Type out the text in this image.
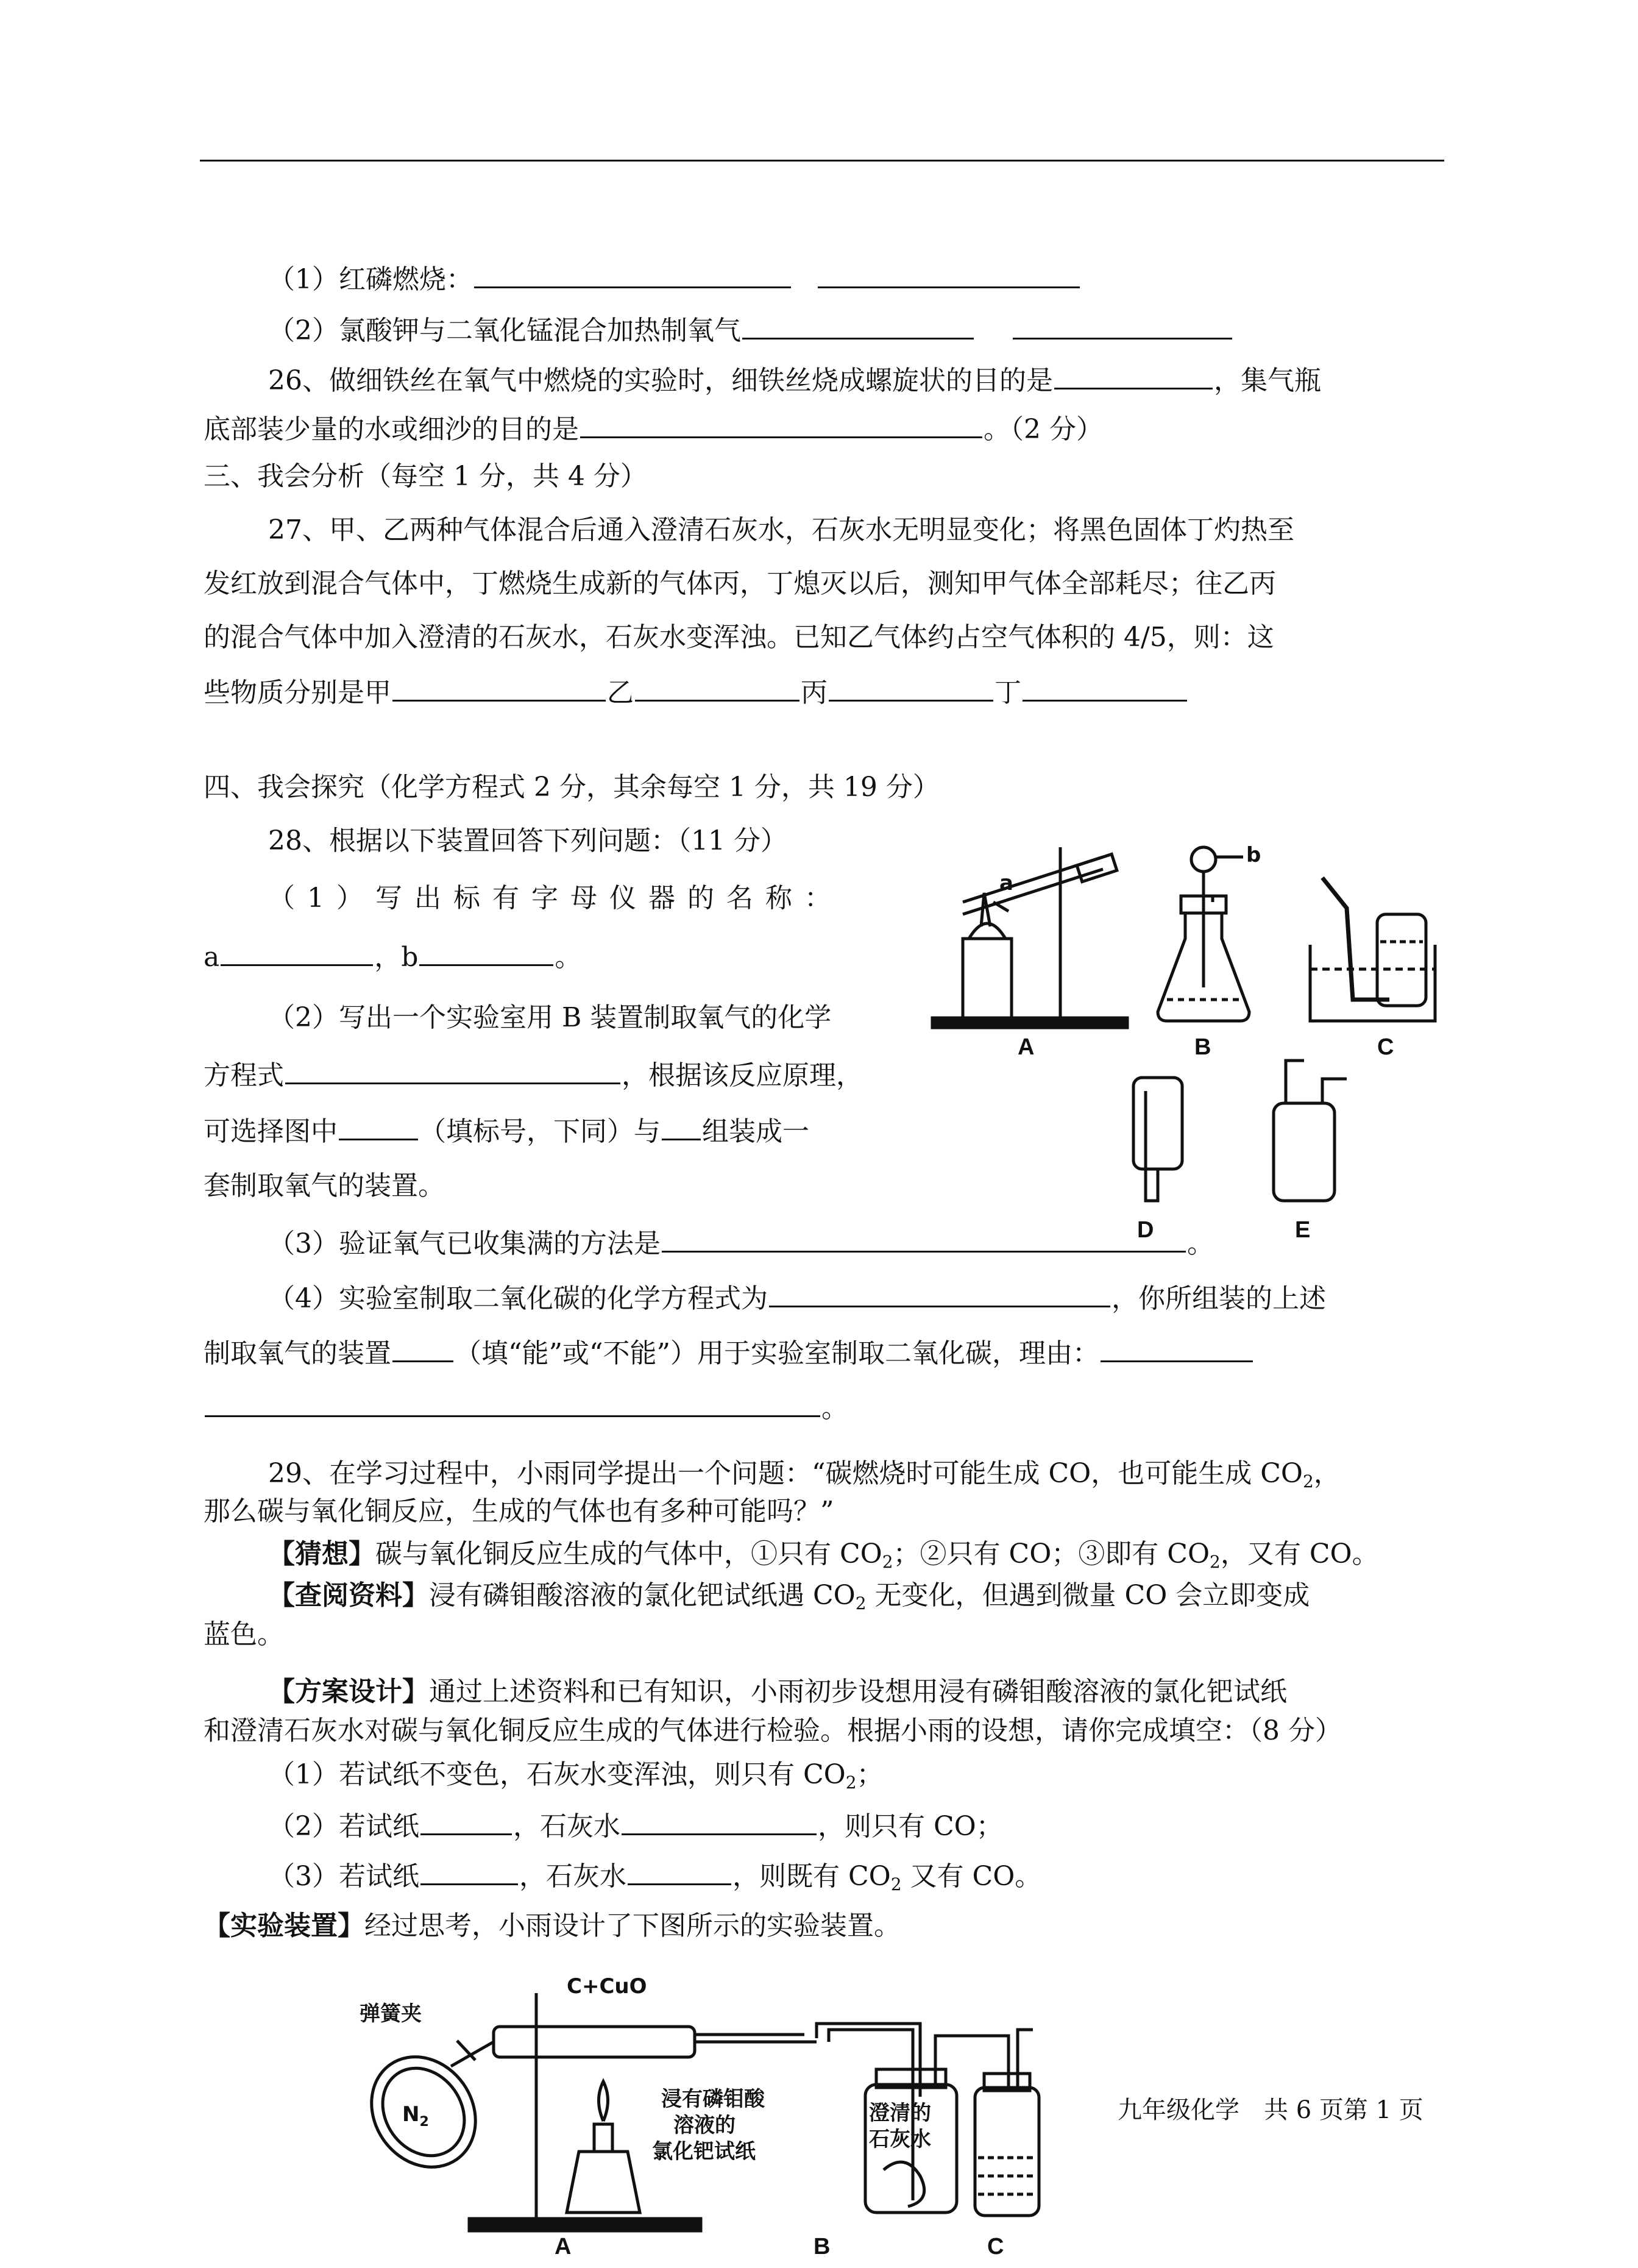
（1）红磷燃烧：
（2）氯酸钾与二氧化锰混合加热制氧气
26、做细铁丝在氧气中燃烧的实验时，细铁丝烧成螺旋状的目的是	，集气瓶
底部装少量的水或细沙的目的是	。（2 分）
三、我会分析（每空 1 分，共 4 分）
27、甲、乙两种气体混合后通入澄清石灰水，石灰水无明显变化；将黑色固体丁灼热至
发红放到混合气体中，丁燃烧生成新的气体丙，丁熄灭以后，测知甲气体全部耗尽；往乙丙
的混合气体中加入澄清的石灰水，石灰水变浑浊。已知乙气体约占空气体积的 4/5，则：这
些物质分别是甲	乙	丙	丁
四、我会探究（化学方程式 2 分，其余每空 1 分，共 19 分）
28、根据以下装置回答下列问题：（11 分）
（1）写出标有字母仪器的名称：
a	，b	。
（2）写出一个实验室用 B 装置制取氧气的化学
方程式	，根据该反应原理，
可选择图中	（填标号，下同）与 组装成一
套制取氧气的装置。
（3）验证氧气已收集满的方法是	。
（4）实验室制取二氧化碳的化学方程式为	，你所组装的上述
制取氧气的装置 （填“能”或“不能”）用于实验室制取二氧化碳，理由：
。
a
b
A	B	C
D	E
29、在学习过程中，小雨同学提出一个问题：“碳燃烧时可能生成 CO，也可能生成 $CO_2$，
那么碳与氧化铜反应，生成的气体也有多种可能吗？”
【猜想】碳与氧化铜反应生成的气体中，①只有 $CO_2$；②只有 CO；③即有 $CO_2$，又有 CO。
【查阅资料】浸有磷钼酸溶液的氯化钯试纸遇 $CO_2$ 无变化，但遇到微量 CO 会立即变成
蓝色。
【方案设计】通过上述资料和已有知识，小雨初步设想用浸有磷钼酸溶液的氯化钯试纸
和澄清石灰水对碳与氧化铜反应生成的气体进行检验。根据小雨的设想，请你完成填空：（8 分）
（1）若试纸不变色，石灰水变浑浊，则只有 $CO_2$；
（2）若试纸	，石灰水	，则只有 CO；
（3）若试纸	，石灰水	，则既有 $CO_2$ 又有 CO。
【实验装置】经过思考，小雨设计了下图所示的实验装置。
弹簧夹
C+CuO
$N_2$
浸有磷钼酸
溶液的
氯化钯试纸
澄清的
石灰水
A	B	C
九年级化学　共 6 页第 1 页
